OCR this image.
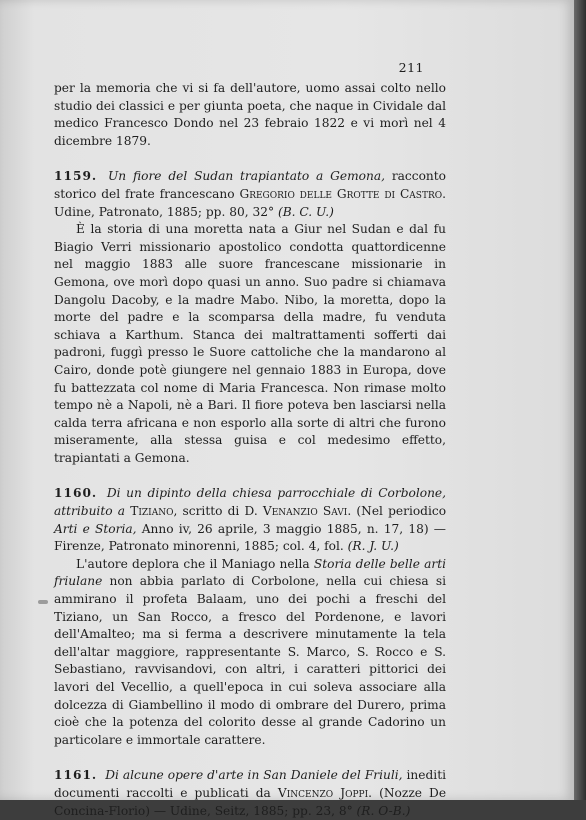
211

per la memoria che vi si fa dell'autore, uomo assai colto nello studio dei classici e per giunta poeta, che naque in Cividale dal medico Francesco Dondo nel 23 febraio 1822 e vi morì nel 4 dicembre 1879.

1159. Un fiore del Sudan trapiantato a Gemona, racconto storico del frate francescano Gregorio delle Grotte di Castro. Udine, Patronato, 1885; pp. 80, 32° (B. C. U.)

È la storia di una moretta nata a Giur nel Sudan e dal fu Biagio Verri missionario apostolico condotta quattordicenne nel maggio 1883 alle suore francescane missionarie in Gemona, ove morì dopo quasi un anno. Suo padre si chiamava Dangolu Dacoby, e la madre Mabo. Nibo, la moretta, dopo la morte del padre e la scomparsa della madre, fu venduta schiava a Karthum. Stanca dei maltrattamenti sofferti dai padroni, fuggì presso le Suore cattoliche che la mandarono al Cairo, donde potè giungere nel gennaio 1883 in Europa, dove fu battezzata col nome di Maria Francesca. Non rimase molto tempo nè a Napoli, nè a Bari. Il fiore poteva ben lasciarsi nella calda terra africana e non esporlo alla sorte di altri che furono miseramente, alla stessa guisa e col medesimo effetto, trapiantati a Gemona.

1160. Di un dipinto della chiesa parrocchiale di Corbolone, attribuito a Tiziano, scritto di D. Venanzio Savi. (Nel periodico Arti e Storia, Anno iv, 26 aprile, 3 maggio 1885, n. 17, 18) — Firenze, Patronato minorenni, 1885; col. 4, fol. (R. J. U.)

L'autore deplora che il Maniago nella Storia delle belle arti friulane non abbia parlato di Corbolone, nella cui chiesa si ammirano il profeta Balaam, uno dei pochi a freschi del Tiziano, un San Rocco, a fresco del Pordenone, e lavori dell'Amalteo; ma si ferma a descrivere minutamente la tela dell'altar maggiore, rappresentante S. Marco, S. Rocco e S. Sebastiano, ravvisandovi, con altri, i caratteri pittorici dei lavori del Vecellio, a quell'epoca in cui soleva associare alla dolcezza di Giambellino il modo di ombrare del Durero, prima cioè che la potenza del colorito desse al grande Cadorino un particolare e immortale carattere.

1161. Di alcune opere d'arte in San Daniele del Friuli, inediti documenti raccolti e publicati da Vincenzo Joppi. (Nozze De Concina-Florio) — Udine, Seitz, 1885; pp. 23, 8° (R. O-B.)
